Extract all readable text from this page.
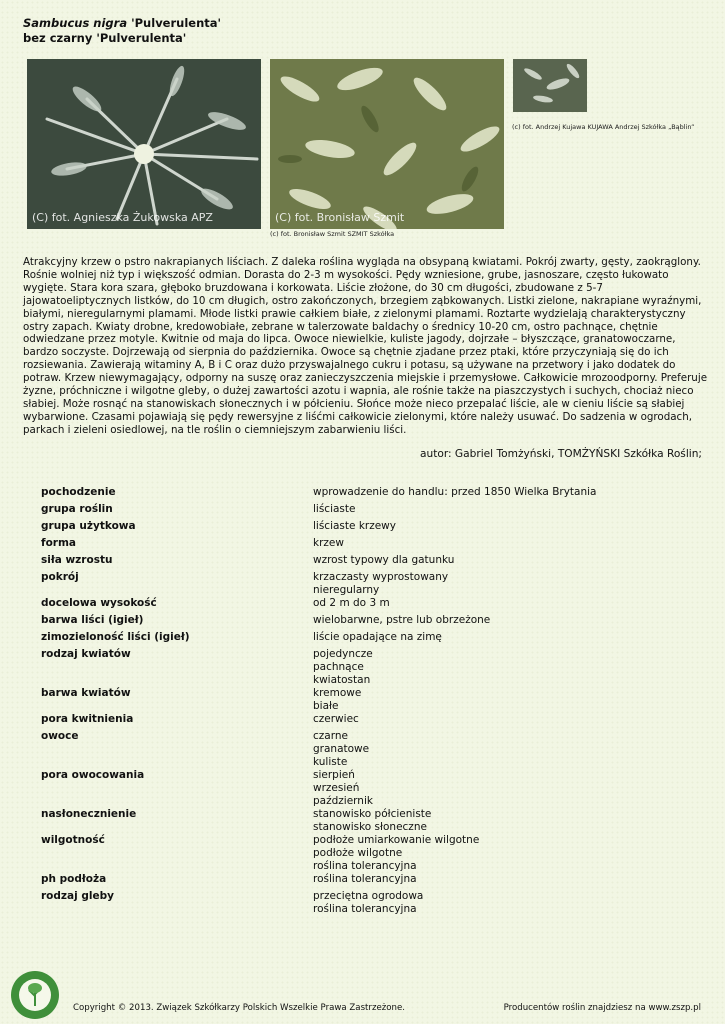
Sambucus nigra 'Pulverulenta'
bez czarny 'Pulverulenta'
(C) fot. Agnieszka Żukowska APZ	(C) fot. Bronisław Szmit
(c) fot. Bronisław Szmit SZMIT Szkółka
(c) fot. Andrzej Kujawa KUJAWA Andrzej Szkółka „Bąblin”

Atrakcyjny krzew o pstro nakrapianych liściach. Z daleka roślina wygląda na obsypaną kwiatami. Pokrój zwarty, gęsty, zaokrąglony. Rośnie wolniej niż typ i większość odmian. Dorasta do 2-3 m wysokości. Pędy wzniesione, grube, jasnoszare, często łukowato wygięte. Stara kora szara, głęboko bruzdowana i korkowata. Liście złożone, do 30 cm długości, zbudowane z 5-7 jajowatoeliptycznych listków, do 10 cm długich, ostro zakończonych, brzegiem ząbkowanych. Listki zielone, nakrapiane wyraźnymi, białymi, nieregularnymi plamami. Młode listki prawie całkiem białe, z zielonymi plamami. Roztarte wydzielają charakterystyczny ostry zapach. Kwiaty drobne, kredowobiałe, zebrane w talerzowate baldachy o średnicy 10-20 cm, ostro pachnące, chętnie odwiedzane przez motyle. Kwitnie od maja do lipca. Owoce niewielkie, kuliste jagody, dojrzałe – błyszczące, granatowoczarne, bardzo soczyste. Dojrzewają od sierpnia do października. Owoce są chętnie zjadane przez ptaki, które przyczyniają się do ich rozsiewania. Zawierają witaminy A, B i C oraz dużo przyswajalnego cukru i potasu, są używane na przetwory i jako dodatek do potraw. Krzew niewymagający, odporny na suszę oraz zanieczyszczenia miejskie i przemysłowe. Całkowicie mrozoodporny. Preferuje żyzne, próchniczne i wilgotne gleby, o dużej zawartości azotu i wapnia, ale rośnie także na piaszczystych i suchych, chociaż nieco słabiej. Może rosnąć na stanowiskach słonecznych i w półcieniu. Słońce może nieco przepalać liście, ale w cieniu liście są słabiej wybarwione. Czasami pojawiają się pędy rewersyjne z liśćmi całkowicie zielonymi, które należy usuwać. Do sadzenia w ogrodach, parkach i zieleni osiedlowej, na tle roślin o ciemniejszym zabarwieniu liści.

autor: Gabriel Tomżyński, TOMŻYŃSKI Szkółka Roślin;
pochodzenie	wprowadzenie do handlu: przed 1850 Wielka Brytania

grupa roślin	liściaste

grupa użytkowa	liściaste krzewy

forma	krzew

siła wzrostu	wzrost typowy dla gatunku

pokrój	krzaczasty wyprostowany
nieregularny

docelowa wysokość	od 2 m do 3 m

barwa liści (igieł)	wielobarwne, pstre lub obrzeżone

zimozieloność liści (igieł)	liście opadające na zimę

rodzaj kwiatów	pojedyncze
pachnące
kwiatostan

barwa kwiatów	kremowe
białe

pora kwitnienia	czerwiec

owoce	czarne
granatowe
kuliste

pora owocowania	sierpień
wrzesień
październik

nasłonecznienie	stanowisko półcieniste
stanowisko słoneczne

wilgotność	podłoże umiarkowanie wilgotne
podłoże wilgotne
roślina tolerancyjna

ph podłoża	roślina tolerancyjna

rodzaj gleby	przeciętna ogrodowa
roślina tolerancyjna
Copyright © 2013. Związek Szkółkarzy Polskich Wszelkie Prawa Zastrzeżone.	Producentów roślin znajdziesz na www.zszp.pl
